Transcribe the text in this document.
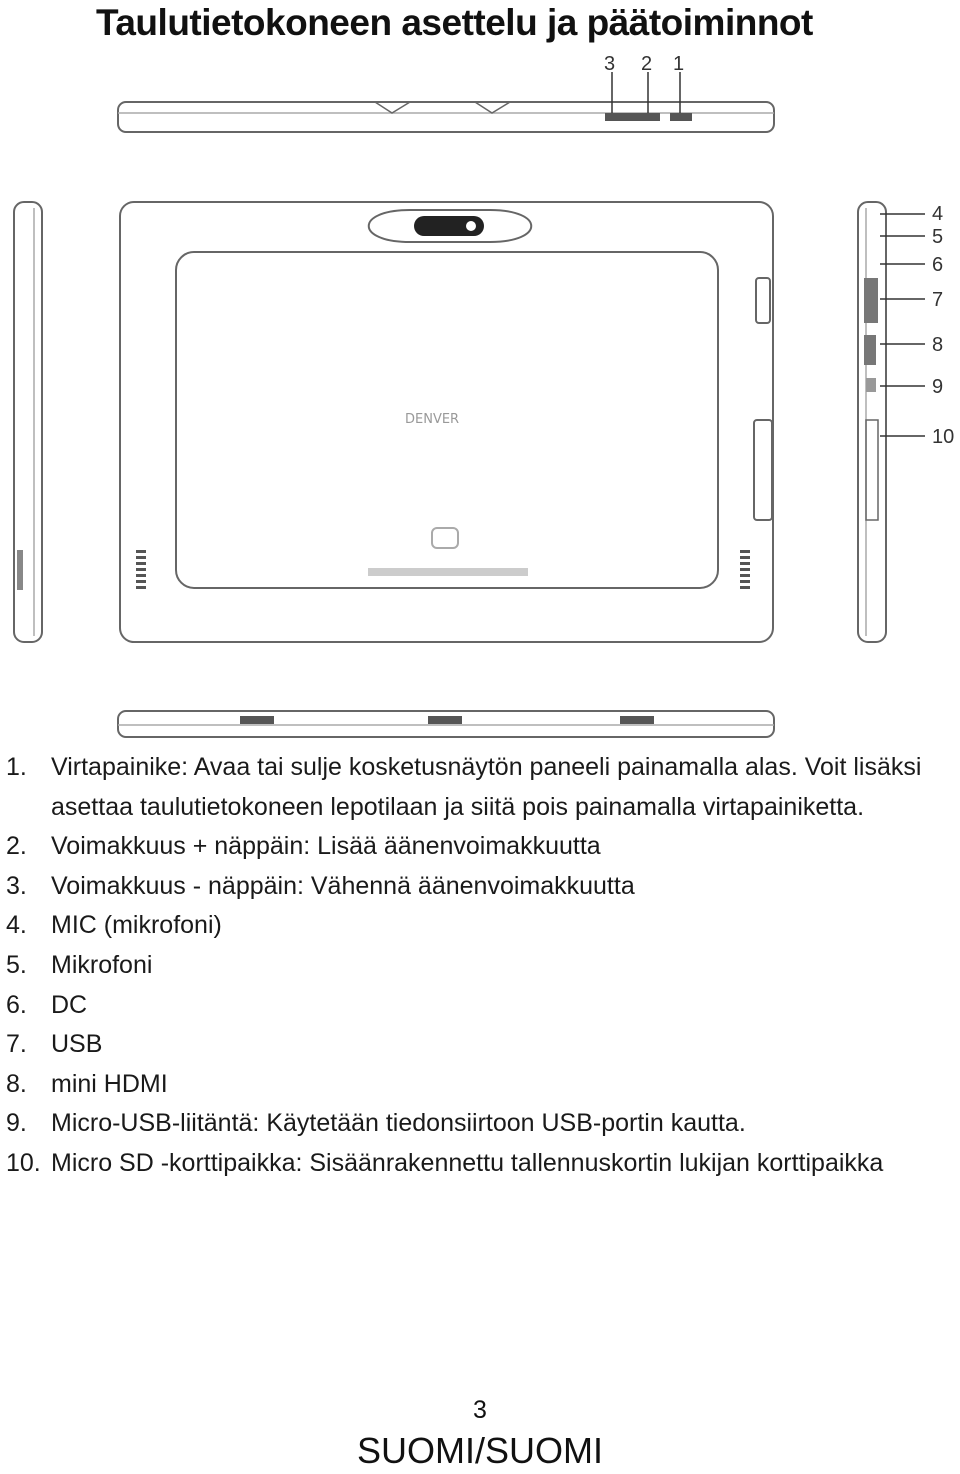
Taulutietokoneen asettelu ja päätoiminnot
DENVER
3 2 1
4
5
6
7
8
9
10
1. Virtapainike: Avaa tai sulje kosketusnäytön paneeli painamalla alas. Voit lisäksi asettaa taulutietokoneen lepotilaan ja siitä pois painamalla virtapainiketta.
2. Voimakkuus + näppäin: Lisää äänenvoimakkuutta
3. Voimakkuus - näppäin: Vähennä äänenvoimakkuutta
4. MIC (mikrofoni)
5. Mikrofoni
6. DC
7. USB
8. mini HDMI
9. Micro-USB-liitäntä: Käytetään tiedonsiirtoon USB-portin kautta.
10. Micro SD -korttipaikka: Sisäänrakennettu tallennuskortin lukijan korttipaikka
3
SUOMI/SUOMI
